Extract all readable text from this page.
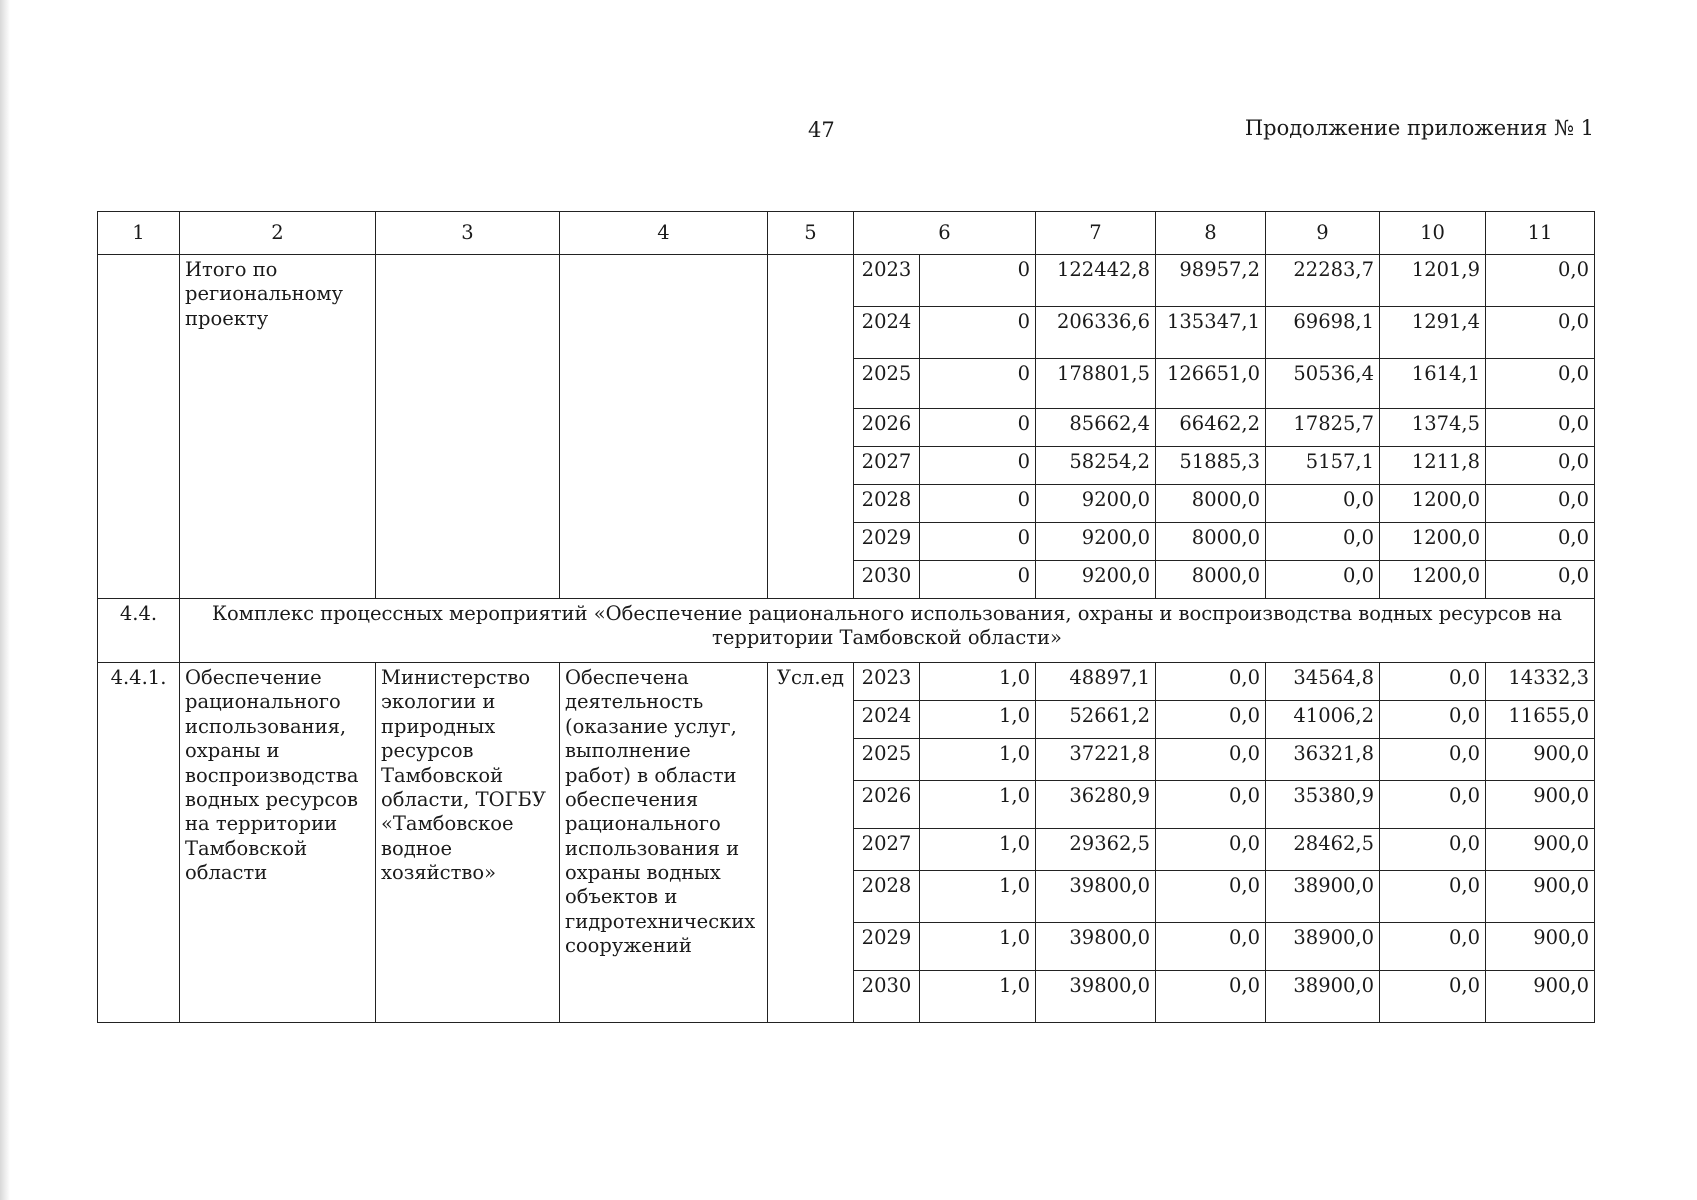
47	Продолжение приложения № 1
1	2	3	4	5	6		7	8	9	10	11
	Итого по региональному проекту				2023	0	122442,8	98957,2	22283,7	1201,9	0,0
					2024	0	206336,6	135347,1	69698,1	1291,4	0,0
					2025	0	178801,5	126651,0	50536,4	1614,1	0,0
					2026	0	85662,4	66462,2	17825,7	1374,5	0,0
					2027	0	58254,2	51885,3	5157,1	1211,8	0,0
					2028	0	9200,0	8000,0	0,0	1200,0	0,0
					2029	0	9200,0	8000,0	0,0	1200,0	0,0
					2030	0	9200,0	8000,0	0,0	1200,0	0,0
4.4.	Комплекс процессных мероприятий «Обеспечение рационального использования, охраны и воспроизводства водных ресурсов на территории Тамбовской области»										
4.4.1.	Обеспечение рационального использования, охраны и воспроизводства водных ресурсов на территории Тамбовской области	Министерство экологии и природных ресурсов Тамбовской области, ТОГБУ «Тамбовское водное хозяйство»	Обеспечена деятельность (оказание услуг, выполнение работ) в области обеспечения рационального использования и охраны водных объектов и гидротехнических сооружений	Усл.ед	2023	1,0	48897,1	0,0	34564,8	0,0	14332,3
					2024	1,0	52661,2	0,0	41006,2	0,0	11655,0
					2025	1,0	37221,8	0,0	36321,8	0,0	900,0
					2026	1,0	36280,9	0,0	35380,9	0,0	900,0
					2027	1,0	29362,5	0,0	28462,5	0,0	900,0
					2028	1,0	39800,0	0,0	38900,0	0,0	900,0
					2029	1,0	39800,0	0,0	38900,0	0,0	900,0
					2030	1,0	39800,0	0,0	38900,0	0,0	900,0
